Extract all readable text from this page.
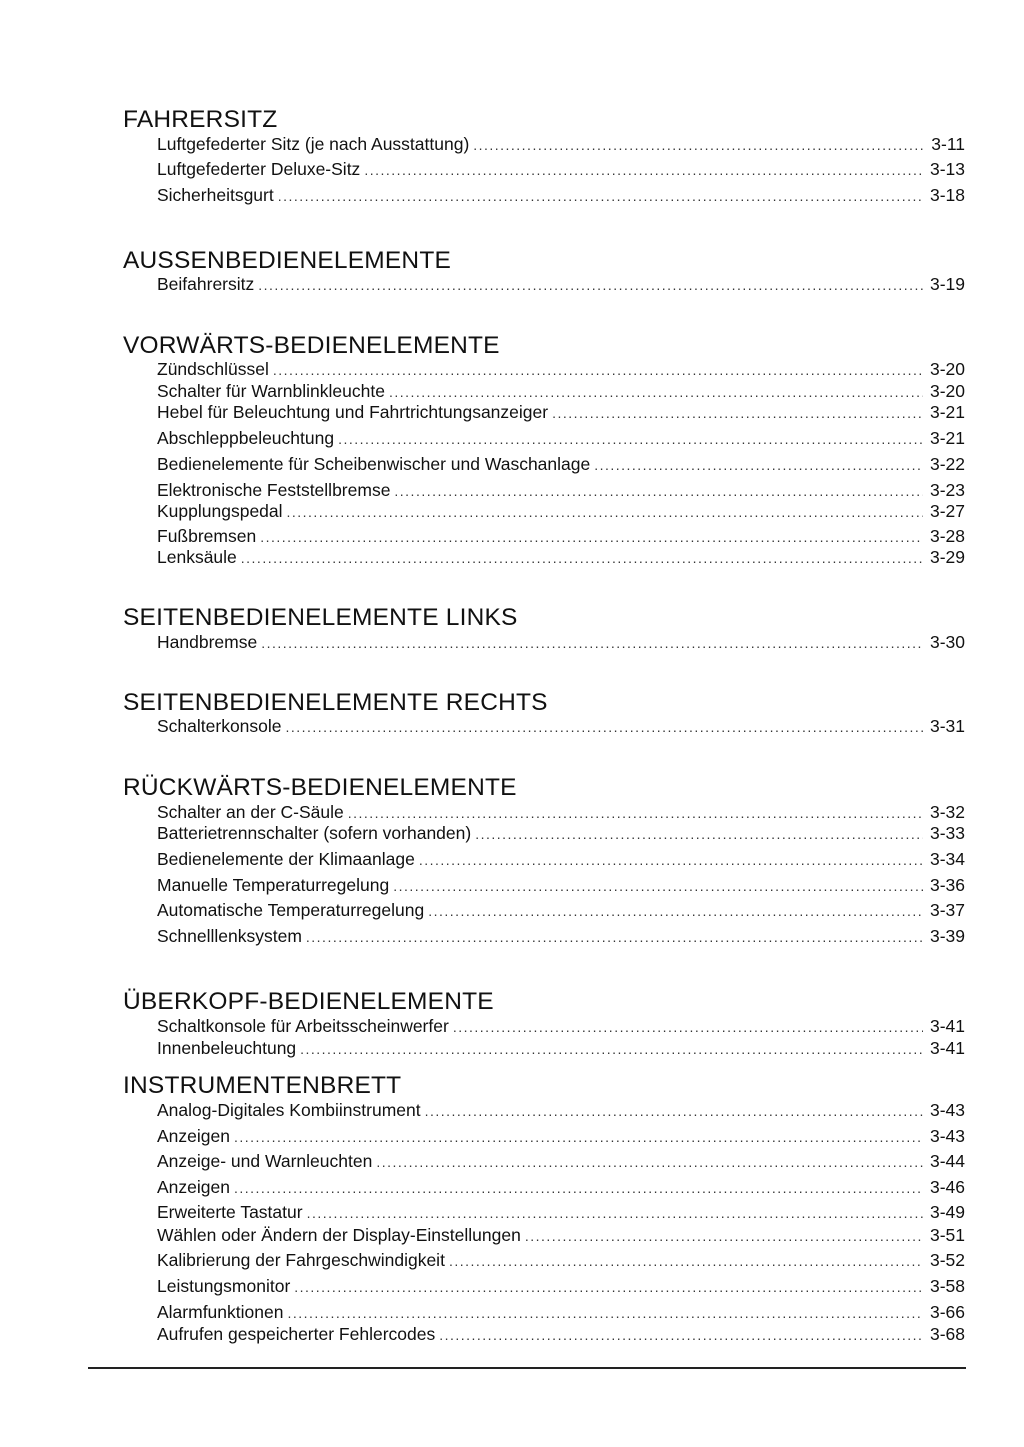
FAHRERSITZ
Luftgefederter Sitz (je nach Ausstattung) . . .	3-11
Luftgefederter Deluxe-Sitz . . .	3-13
Sicherheitsgurt . . .	3-18
AUSSENBEDIENELEMENTE
Beifahrersitz . . .	3-19
VORWÄRTS-BEDIENELEMENTE
Zündschlüssel . . .	3-20
Schalter für Warnblinkleuchte . . .	3-20
Hebel für Beleuchtung und Fahrtrichtungsanzeiger . . .	3-21
Abschleppbeleuchtung . . .	3-21
Bedienelemente für Scheibenwischer und Waschanlage . . .	3-22
Elektronische Feststellbremse . . .	3-23
Kupplungspedal . . .	3-27
Fußbremsen . . .	3-28
Lenksäule . . .	3-29
SEITENBEDIENELEMENTE LINKS
Handbremse . . .	3-30
SEITENBEDIENELEMENTE RECHTS
Schalterkonsole . . .	3-31
RÜCKWÄRTS-BEDIENELEMENTE
Schalter an der C-Säule . . .	3-32
Batterietrennschalter (sofern vorhanden) . . .	3-33
Bedienelemente der Klimaanlage . . .	3-34
Manuelle Temperaturregelung . . .	3-36
Automatische Temperaturregelung . . .	3-37
Schnelllenksystem . . .	3-39
ÜBERKOPF-BEDIENELEMENTE
Schaltkonsole für Arbeitsscheinwerfer . . .	3-41
Innenbeleuchtung . . .	3-41
INSTRUMENTENBRETT
Analog-Digitales Kombiinstrument . . .	3-43
Anzeigen . . .	3-43
Anzeige- und Warnleuchten . . .	3-44
Anzeigen . . .	3-46
Erweiterte Tastatur . . .	3-49
Wählen oder Ändern der Display-Einstellungen . . .	3-51
Kalibrierung der Fahrgeschwindigkeit . . .	3-52
Leistungsmonitor . . .	3-58
Alarmfunktionen . . .	3-66
Aufrufen gespeicherter Fehlercodes . . .	3-68
